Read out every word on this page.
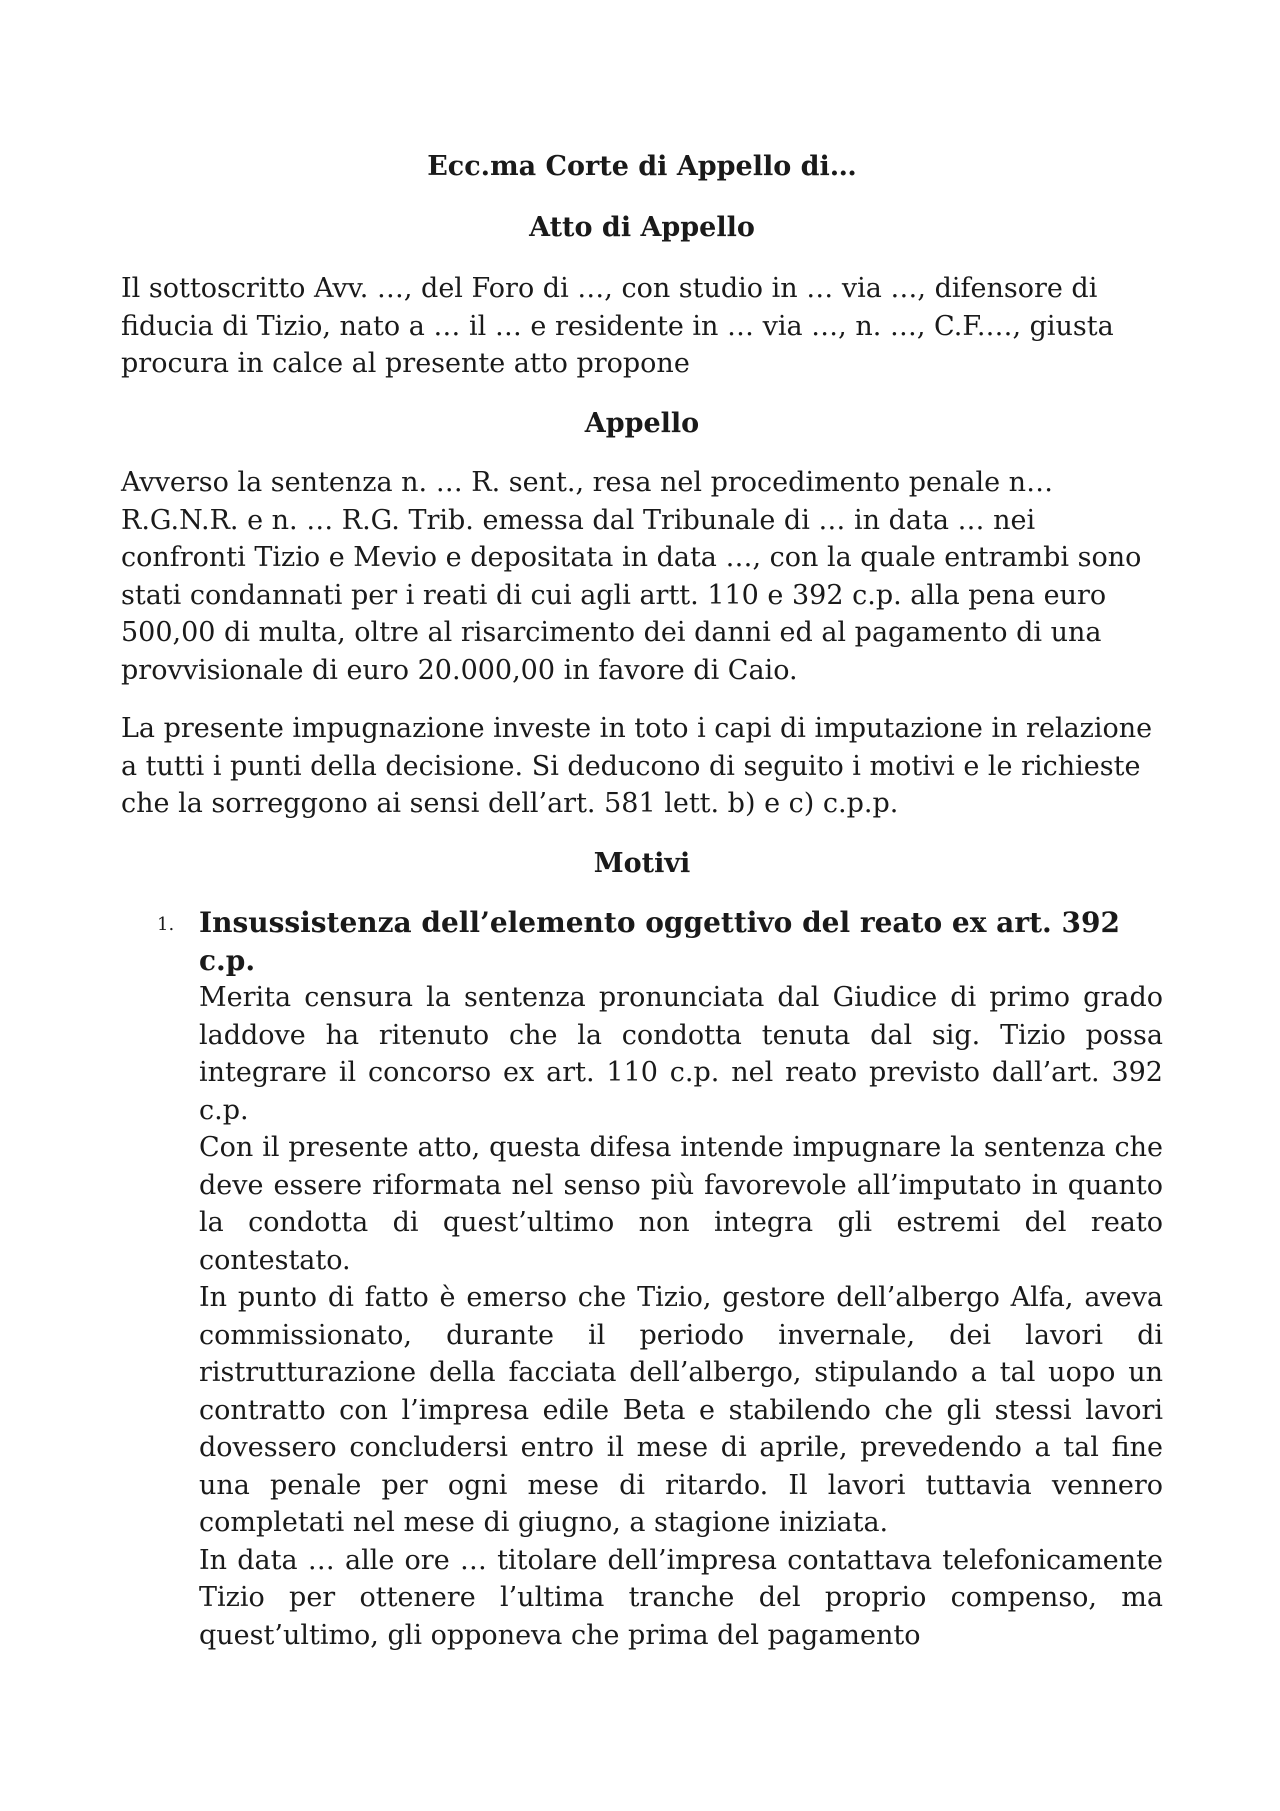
Ecc.ma Corte di Appello di…

Atto di Appello

Il sottoscritto Avv. …, del Foro di …, con studio in … via …, difensore di fiducia di Tizio, nato a … il … e residente in … via …, n. …, C.F.…, giusta procura in calce al presente atto propone

Appello

Avverso la sentenza n. … R. sent., resa nel procedimento penale n… R.G.N.R. e n. … R.G. Trib. emessa dal Tribunale di … in data … nei confronti Tizio e Mevio e depositata in data …, con la quale entrambi sono stati condannati per i reati di cui agli artt. 110 e 392 c.p. alla pena euro 500,00 di multa, oltre al risarcimento dei danni ed al pagamento di una provvisionale di euro 20.000,00 in favore di Caio.

La presente impugnazione investe in toto i capi di imputazione in relazione a tutti i punti della decisione. Si deducono di seguito i motivi e le richieste che la sorreggono ai sensi dell’art. 581 lett. b) e c) c.p.p.

Motivi

1. Insussistenza dell’elemento oggettivo del reato ex art. 392 c.p.

Merita censura la sentenza pronunciata dal Giudice di primo grado laddove ha ritenuto che la condotta tenuta dal sig. Tizio possa integrare il concorso ex art. 110 c.p. nel reato previsto dall’art. 392 c.p.

Con il presente atto, questa difesa intende impugnare la sentenza che deve essere riformata nel senso più favorevole all’imputato in quanto la condotta di quest’ultimo non integra gli estremi del reato contestato.

In punto di fatto è emerso che Tizio, gestore dell’albergo Alfa, aveva commissionato, durante il periodo invernale, dei lavori di ristrutturazione della facciata dell’albergo, stipulando a tal uopo un contratto con l’impresa edile Beta e stabilendo che gli stessi lavori dovessero concludersi entro il mese di aprile, prevedendo a tal fine una penale per ogni mese di ritardo. Il lavori tuttavia vennero completati nel mese di giugno, a stagione iniziata.

In data … alle ore … titolare dell’impresa contattava telefonicamente Tizio per ottenere l’ultima tranche del proprio compenso, ma quest’ultimo, gli opponeva che prima del pagamento
